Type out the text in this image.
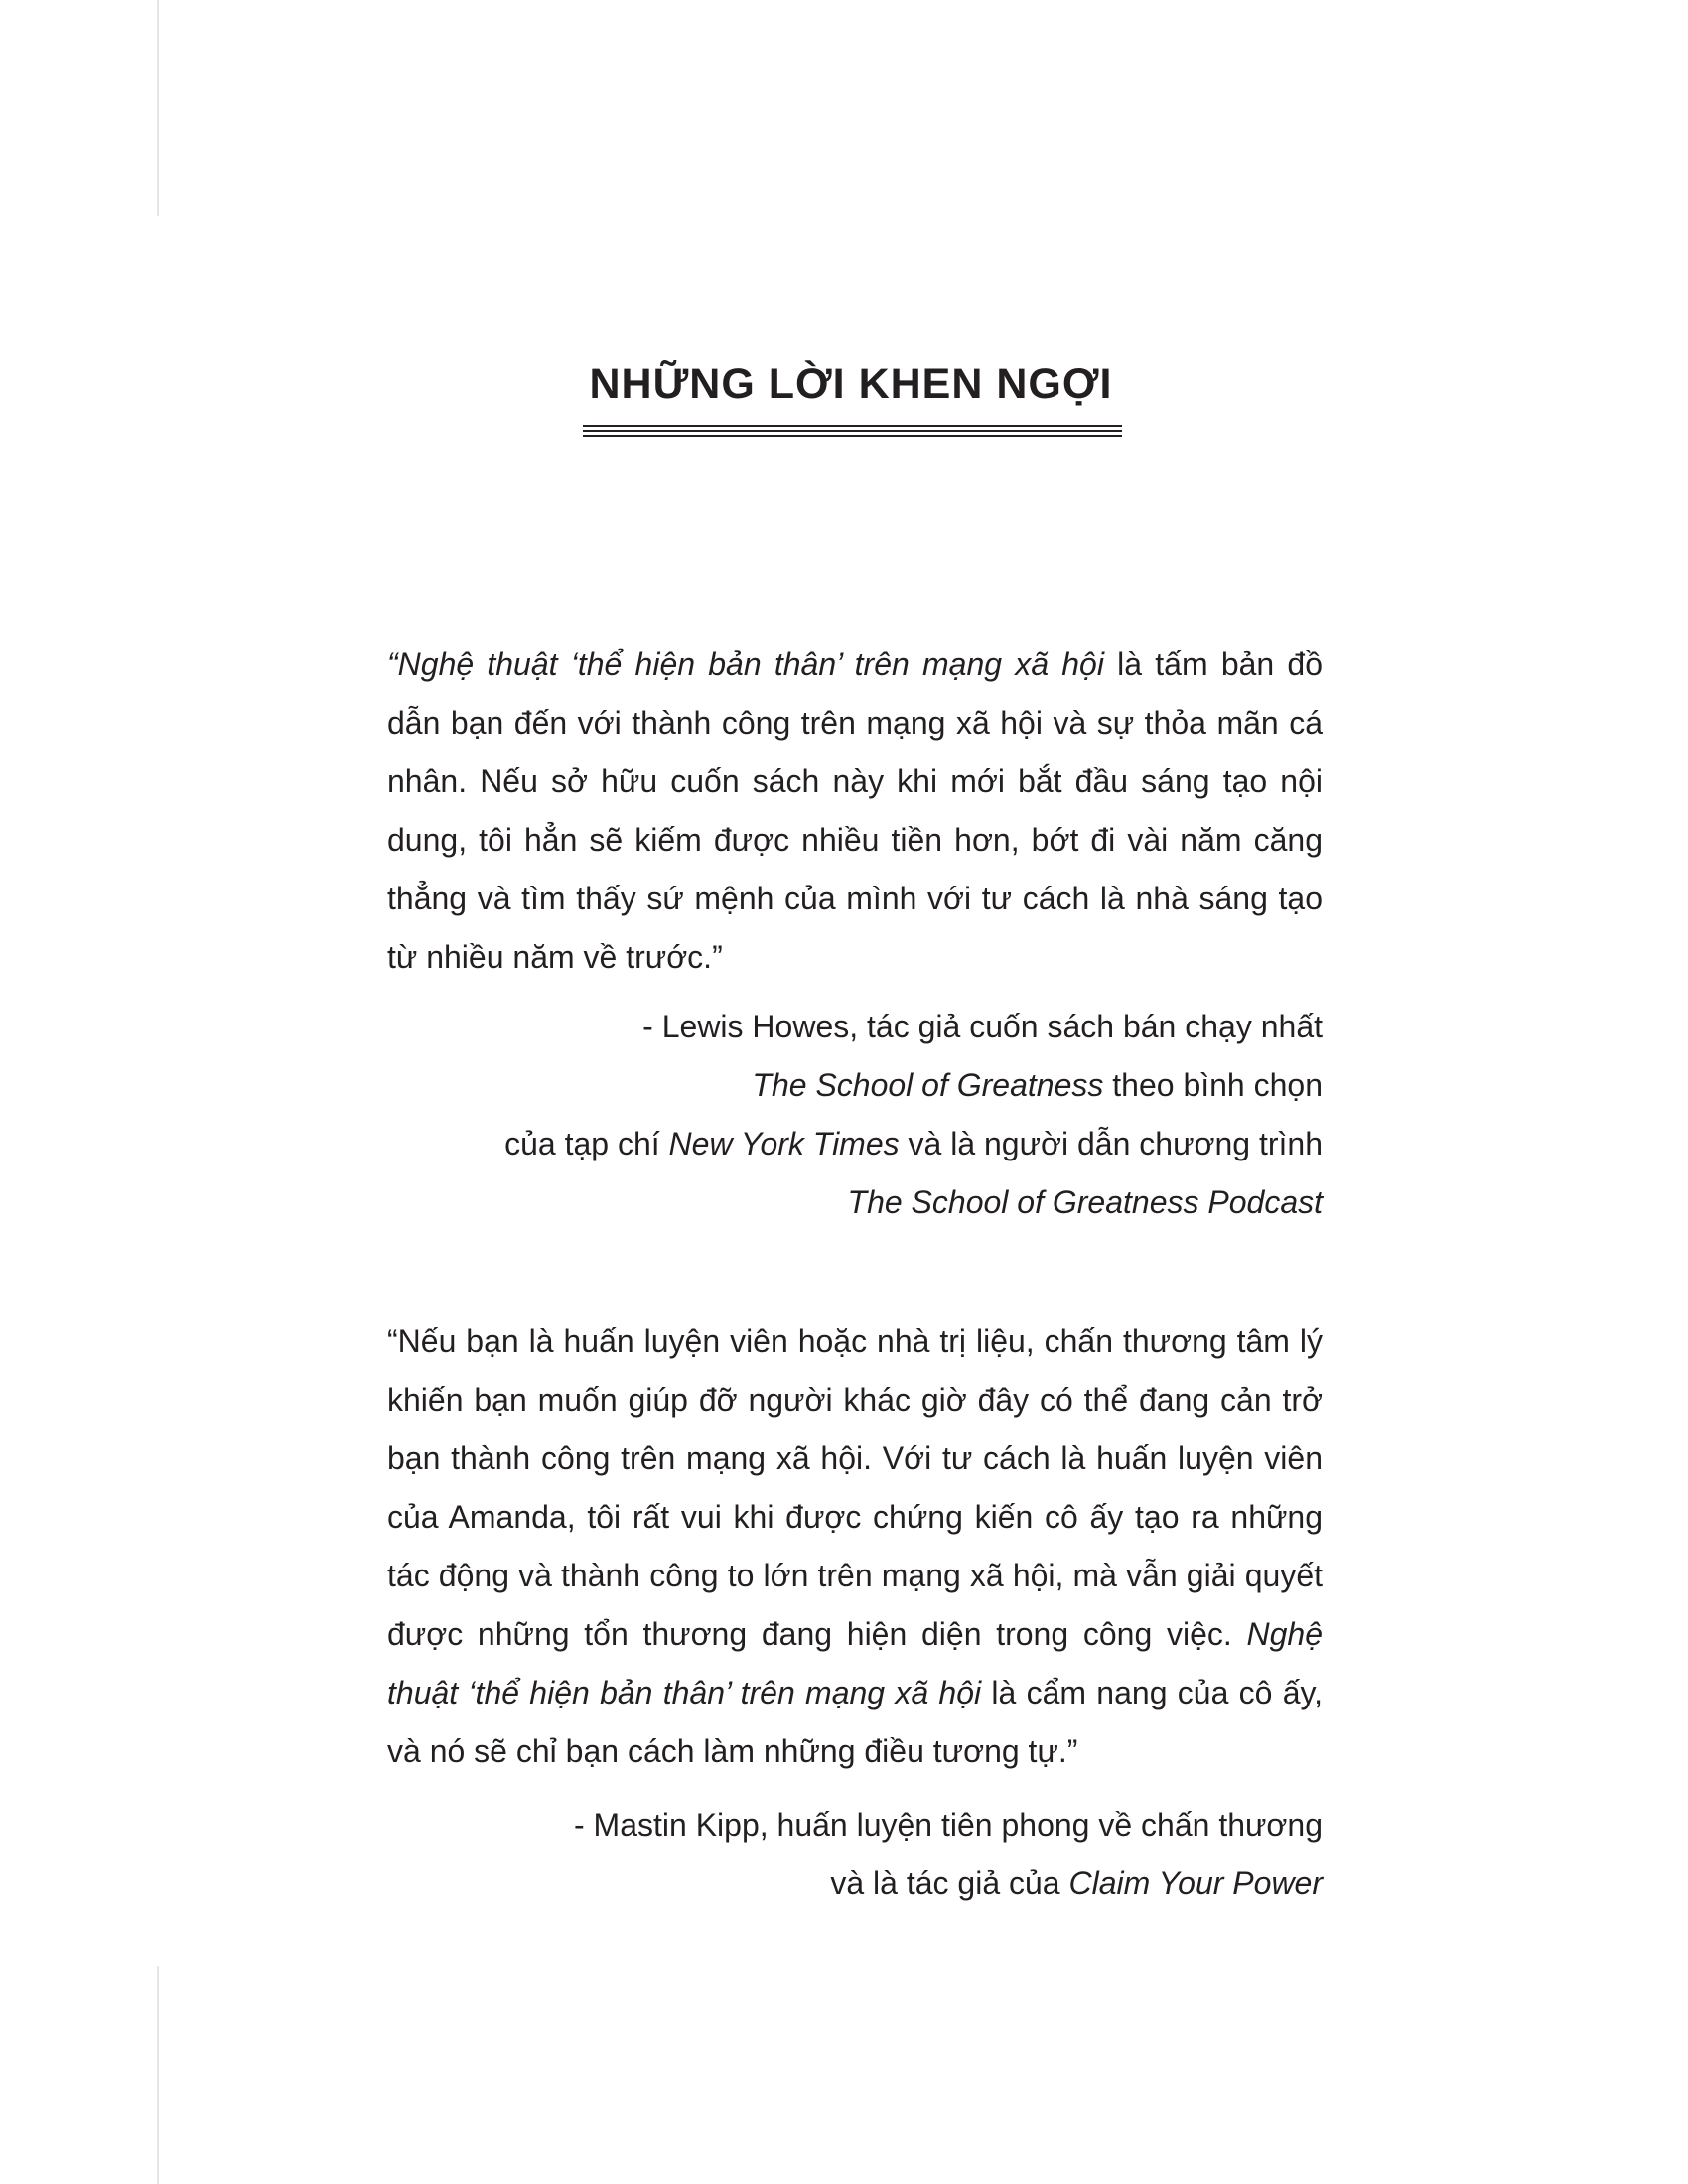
NHỮNG LỜI KHEN NGỢI

“Nghệ thuật ‘thể hiện bản thân’ trên mạng xã hội là tấm bản đồ dẫn bạn đến với thành công trên mạng xã hội và sự thỏa mãn cá nhân. Nếu sở hữu cuốn sách này khi mới bắt đầu sáng tạo nội dung, tôi hẳn sẽ kiếm được nhiều tiền hơn, bớt đi vài năm căng thẳng và tìm thấy sứ mệnh của mình với tư cách là nhà sáng tạo từ nhiều năm về trước.”

- Lewis Howes, tác giả cuốn sách bán chạy nhất
The School of Greatness theo bình chọn
của tạp chí New York Times và là người dẫn chương trình
The School of Greatness Podcast

“Nếu bạn là huấn luyện viên hoặc nhà trị liệu, chấn thương tâm lý khiến bạn muốn giúp đỡ người khác giờ đây có thể đang cản trở bạn thành công trên mạng xã hội. Với tư cách là huấn luyện viên của Amanda, tôi rất vui khi được chứng kiến cô ấy tạo ra những tác động và thành công to lớn trên mạng xã hội, mà vẫn giải quyết được những tổn thương đang hiện diện trong công việc. Nghệ thuật ‘thể hiện bản thân’ trên mạng xã hội là cẩm nang của cô ấy, và nó sẽ chỉ bạn cách làm những điều tương tự.”

- Mastin Kipp, huấn luyện tiên phong về chấn thương
và là tác giả của Claim Your Power
